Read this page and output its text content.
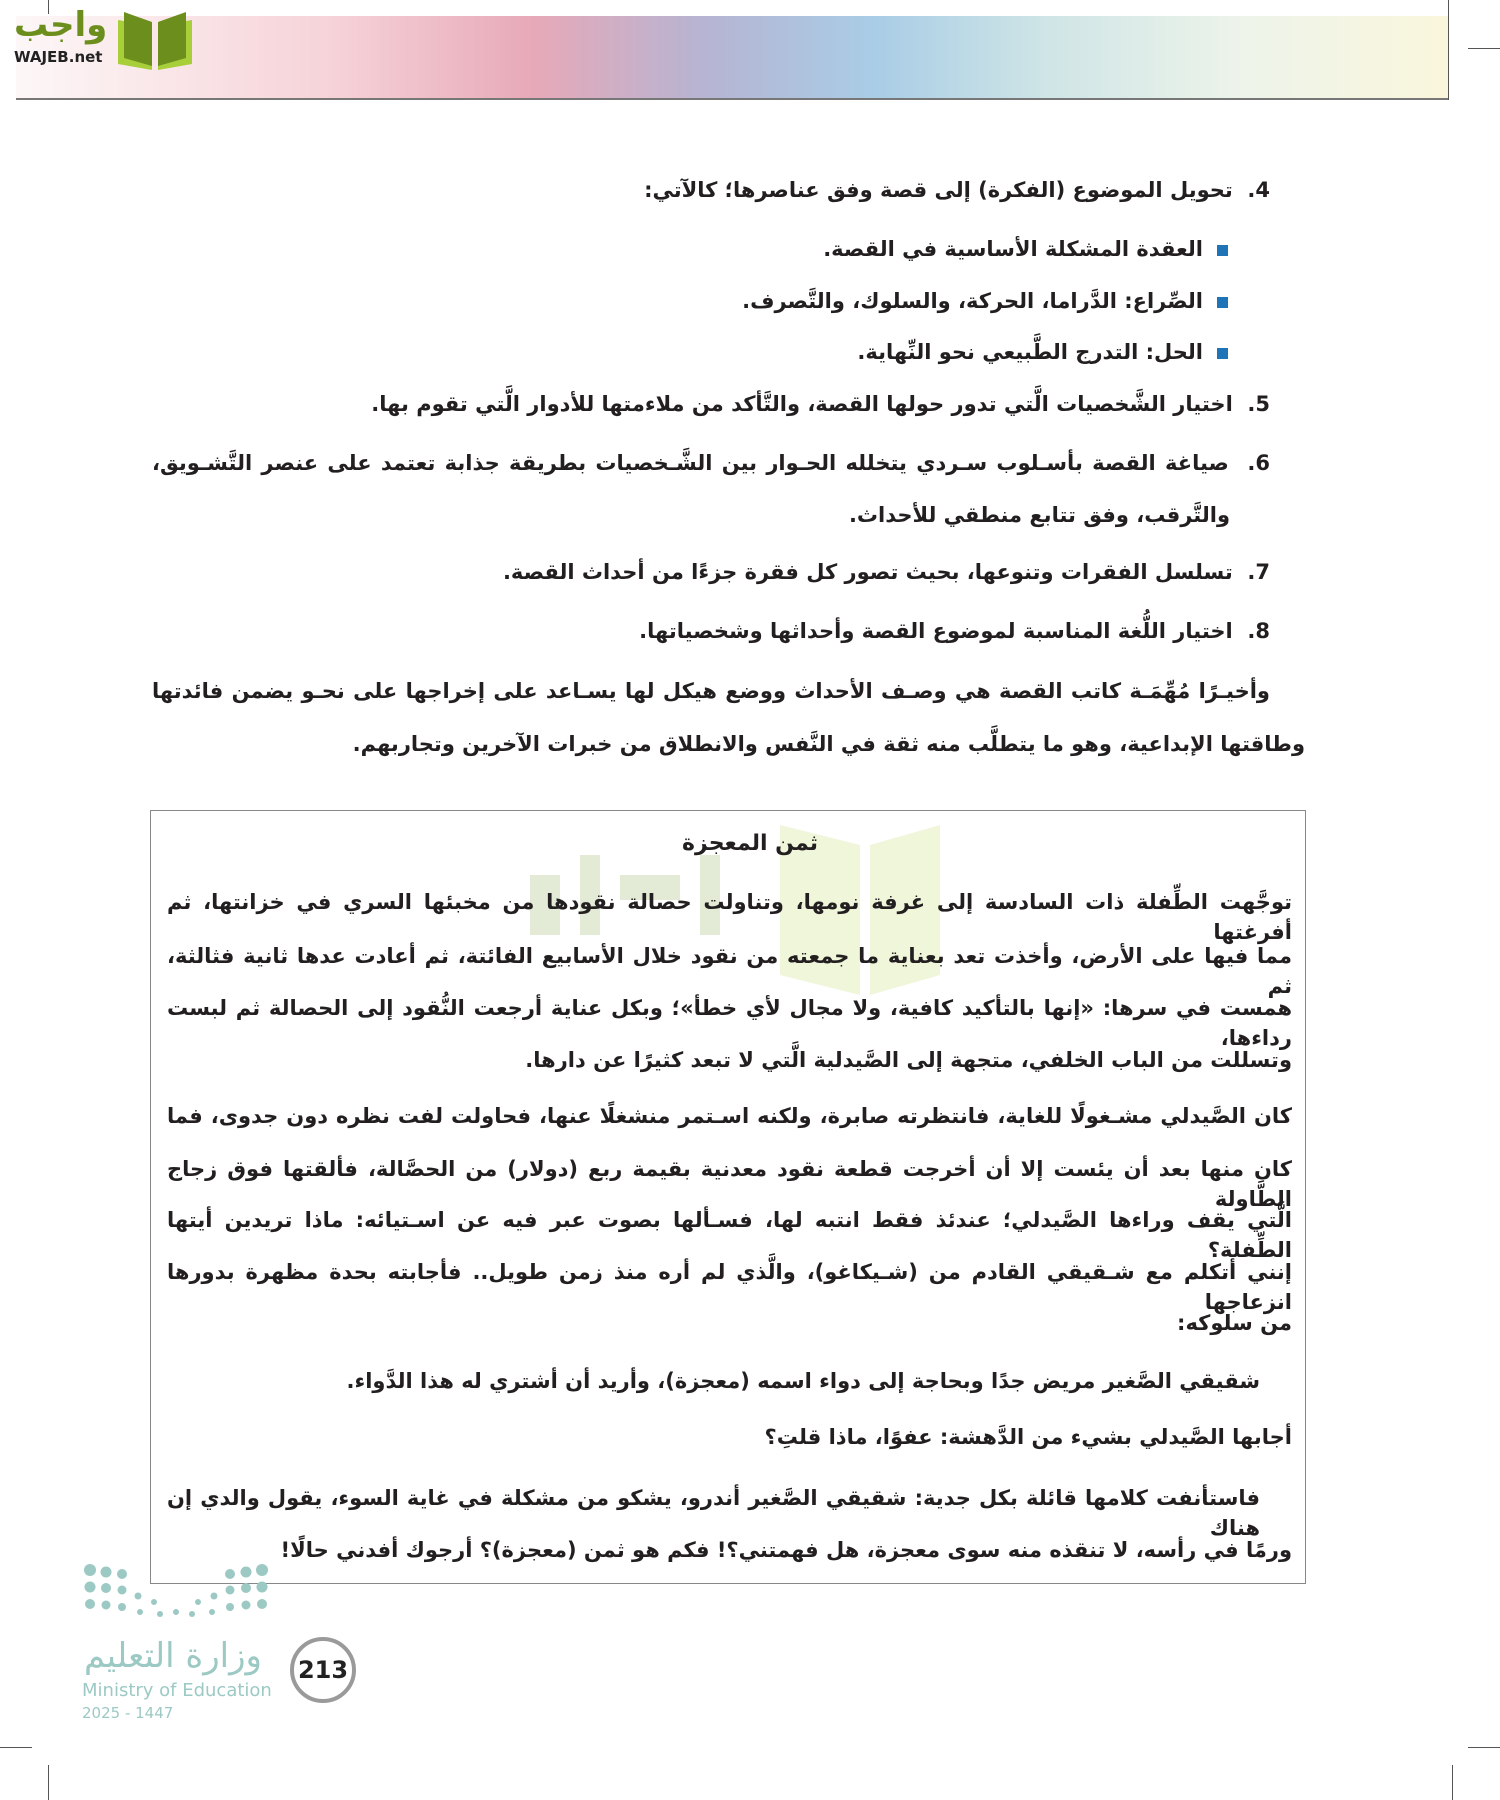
واجب
WAJEB.net
4.  تحويل الموضوع (الفكرة) إلى قصة وفق عناصرها؛ كالآتي:
العقدة المشكلة الأساسية في القصة.
الصِّراع: الدَّراما، الحركة، والسلوك، والتَّصرف.
الحل: التدرج الطَّبيعي نحو النِّهاية.
5.  اختيار الشَّخصيات الَّتي تدور حولها القصة، والتَّأكد من ملاءمتها للأدوار الَّتي تقوم بها.
6.  صياغة القصة بأسـلوب سـردي يتخلله الحـوار بين الشَّـخصيات بطريقة جذابة تعتمد على عنصر التَّشـويق،
والتَّرقب، وفق تتابع منطقي للأحداث.
7.  تسلسل الفقرات وتنوعها، بحيث تصور كل فقرة جزءًا من أحداث القصة.
8.  اختيار اللُّغة المناسبة لموضوع القصة وأحداثها وشخصياتها.
وأخيـرًا مُهِّمَـة كاتب القصة هي وصـف الأحداث ووضع هيكل لها يسـاعد على إخراجها على نحـو يضمن فائدتها
وطاقتها الإبداعية، وهو ما يتطلَّب منه ثقة في النَّفس والانطلاق من خبرات الآخرين وتجاربهم.
ثمن المعجزة
توجَّهت الطِّفلة ذات السادسة إلى غرفة نومها، وتناولت حصالة نقودها من مخبئها السري في خزانتها، ثم أفرغتها
مما فيها على الأرض، وأخذت تعد بعناية ما جمعته من نقود خلال الأسابيع الفائتة، ثم أعادت عدها ثانية فثالثة، ثم
همست في سرها: «إنها بالتأكيد كافية، ولا مجال لأي خطأ»؛ وبكل عناية أرجعت النُّقود إلى الحصالة ثم لبست رداءها،
وتسللت من الباب الخلفي، متجهة إلى الصَّيدلية الَّتي لا تبعد كثيرًا عن دارها.
كان الصَّيدلي مشـغولًا للغاية، فانتظرته صابرة، ولكنه اسـتمر منشغلًا عنها، فحاولت لفت نظره دون جدوى، فما
كان منها بعد أن يئست إلا أن أخرجت قطعة نقود معدنية بقيمة ربع (دولار) من الحصَّالة، فألقتها فوق زجاج الطَّاولة
الَّتي يقف وراءها الصَّيدلي؛ عندئذ فقط انتبه لها، فسـألها بصوت عبر فيه عن اسـتيائه: ماذا تريدين أيتها الطِّفلة؟
إنني أتكلم مع شـقيقي القادم من (شـيكاغو)، والَّذي لم أره منذ زمن طويل.. فأجابته بحدة مظهرة بدورها انزعاجها
من سلوكه:
شقيقي الصَّغير مريض جدًا وبحاجة إلى دواء اسمه (معجزة)، وأريد أن أشتري له هذا الدَّواء.
أجابها الصَّيدلي بشيء من الدَّهشة: عفوًا، ماذا قلتِ؟
فاستأنفت كلامها قائلة بكل جدية: شقيقي الصَّغير أندرو، يشكو من مشكلة في غاية السوء، يقول والدي إن هناك
ورمًا في رأسه، لا تنقذه منه سوى معجزة، هل فهمتني؟! فكم هو ثمن (معجزة)؟ أرجوك أفدني حالًا!
وزارة التعليم
Ministry of Education
2025 - 1447
213
